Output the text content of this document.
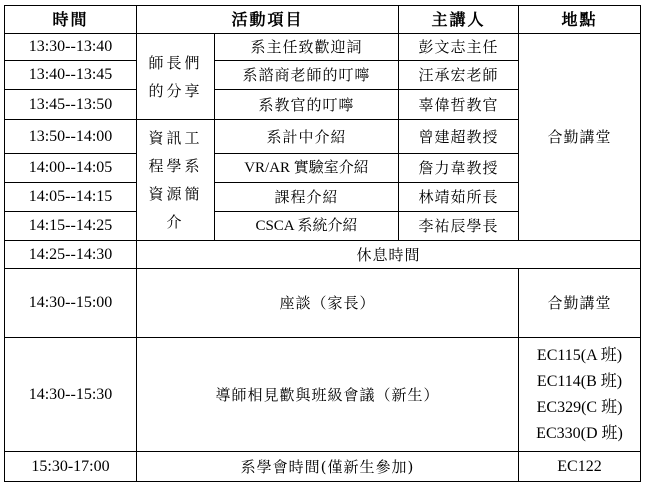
時間	活動項目		主講人	地點
13:30--13:40	師長們的分享	系主任致歡迎詞	彭文志主任	合勤講堂
13:40--13:45		系諮商老師的叮嚀	汪承宏老師	
13:45--13:50		系教官的叮嚀	辜偉哲教官	
13:50--14:00	資訊工程學系資源簡介	系計中介紹	曾建超教授	
14:00--14:05		VR/AR 實驗室介紹	詹力韋教授	
14:05--14:15		課程介紹	林靖茹所長	
14:15--14:25		CSCA 系統介紹	李祐辰學長	
14:25--14:30	休息時間			
14:30--15:00	座談（家長）			合勤講堂
14:30--15:30	導師相見歡與班級會議（新生）			EC115(A 班)
EC114(B 班)
EC329(C 班)
EC330(D 班)

15:30-17:00	系學會時間(僅新生參加)			EC122
